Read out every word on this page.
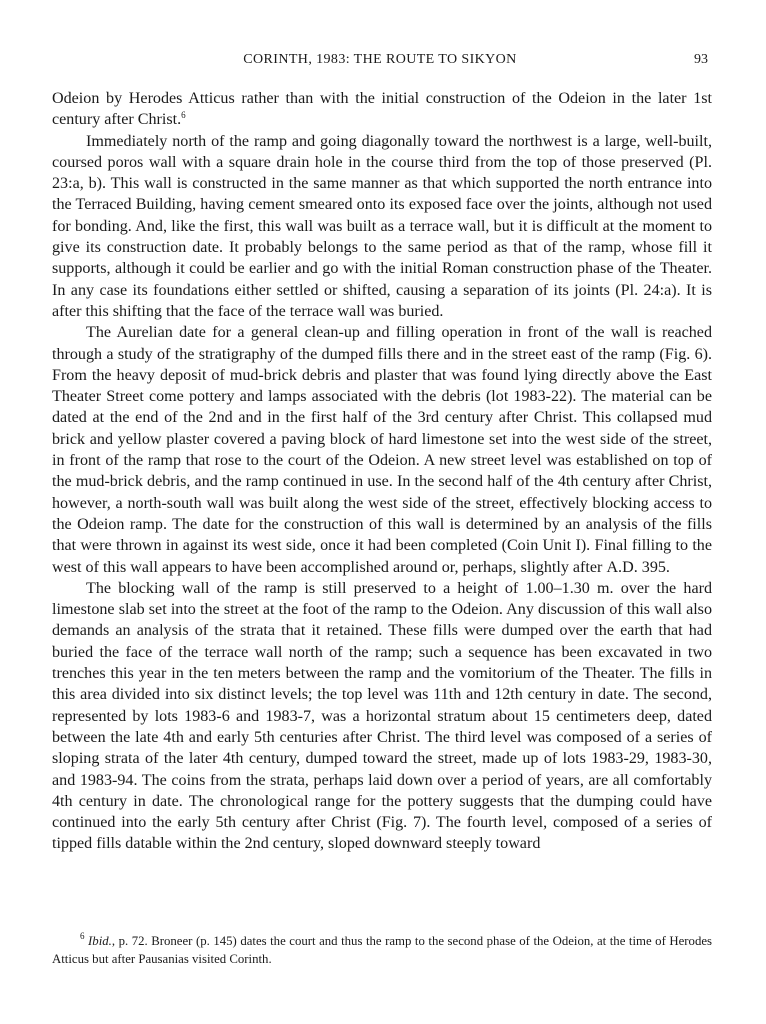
CORINTH, 1983: THE ROUTE TO SIKYON	93

Odeion by Herodes Atticus rather than with the initial construction of the Odeion in the later 1st century after Christ.$^6$

Immediately north of the ramp and going diagonally toward the northwest is a large, well-built, coursed poros wall with a square drain hole in the course third from the top of those preserved (Pl. 23:a, b). This wall is constructed in the same manner as that which supported the north entrance into the Terraced Building, having cement smeared onto its exposed face over the joints, although not used for bonding. And, like the first, this wall was built as a terrace wall, but it is difficult at the moment to give its construction date. It probably belongs to the same period as that of the ramp, whose fill it supports, although it could be earlier and go with the initial Roman construction phase of the Theater. In any case its foundations either settled or shifted, causing a separation of its joints (Pl. 24:a). It is after this shifting that the face of the terrace wall was buried.

The Aurelian date for a general clean-up and filling operation in front of the wall is reached through a study of the stratigraphy of the dumped fills there and in the street east of the ramp (Fig. 6). From the heavy deposit of mud-brick debris and plaster that was found lying directly above the East Theater Street come pottery and lamps associated with the debris (lot 1983-22). The material can be dated at the end of the 2nd and in the first half of the 3rd century after Christ. This collapsed mud brick and yellow plaster covered a paving block of hard limestone set into the west side of the street, in front of the ramp that rose to the court of the Odeion. A new street level was established on top of the mud-brick debris, and the ramp continued in use. In the second half of the 4th century after Christ, however, a north-south wall was built along the west side of the street, effectively blocking access to the Odeion ramp. The date for the construction of this wall is determined by an analysis of the fills that were thrown in against its west side, once it had been completed (Coin Unit I). Final filling to the west of this wall appears to have been accomplished around or, perhaps, slightly after A.D. 395.

The blocking wall of the ramp is still preserved to a height of 1.00–1.30 m. over the hard limestone slab set into the street at the foot of the ramp to the Odeion. Any discussion of this wall also demands an analysis of the strata that it retained. These fills were dumped over the earth that had buried the face of the terrace wall north of the ramp; such a sequence has been excavated in two trenches this year in the ten meters between the ramp and the vomitorium of the Theater. The fills in this area divided into six distinct levels; the top level was 11th and 12th century in date. The second, represented by lots 1983-6 and 1983-7, was a horizontal stratum about 15 centimeters deep, dated between the late 4th and early 5th centuries after Christ. The third level was composed of a series of sloping strata of the later 4th century, dumped toward the street, made up of lots 1983-29, 1983-30, and 1983-94. The coins from the strata, perhaps laid down over a period of years, are all comfortably 4th century in date. The chronological range for the pottery suggests that the dumping could have continued into the early 5th century after Christ (Fig. 7). The fourth level, composed of a series of tipped fills datable within the 2nd century, sloped downward steeply toward

$^6$ Ibid., p. 72. Broneer (p. 145) dates the court and thus the ramp to the second phase of the Odeion, at the time of Herodes Atticus but after Pausanias visited Corinth.
